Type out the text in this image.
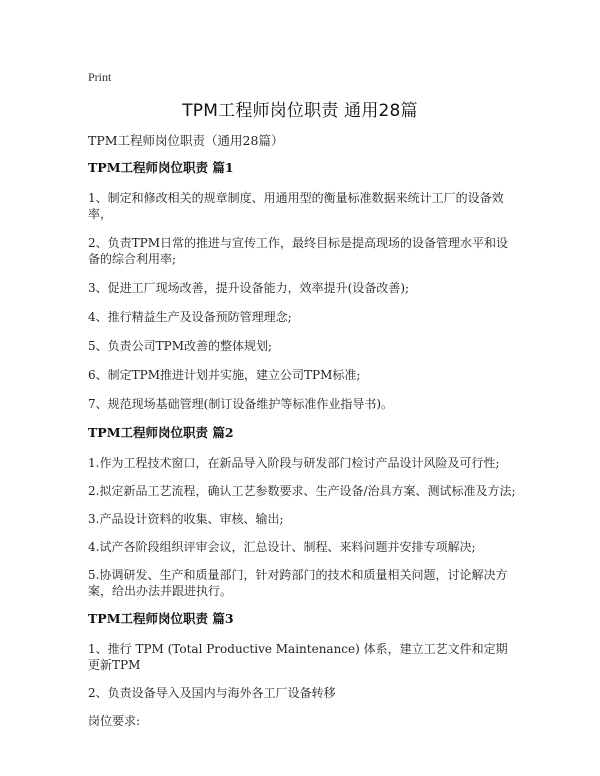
Print
TPM工程师岗位职责 通用28篇
TPM工程师岗位职责（通用28篇）
TPM工程师岗位职责 篇1
1、制定和修改相关的规章制度、用通用型的衡量标准数据来统计工厂的设备效率，
2、负责TPM日常的推进与宣传工作，最终目标是提高现场的设备管理水平和设备的综合利用率;
3、促进工厂现场改善，提升设备能力，效率提升(设备改善);
4、推行精益生产及设备预防管理理念;
5、负责公司TPM改善的整体规划;
6、制定TPM推进计划并实施，建立公司TPM标准;
7、规范现场基础管理(制订设备维护等标准作业指导书)。
TPM工程师岗位职责 篇2
1.作为工程技术窗口，在新品导入阶段与研发部门检讨产品设计风险及可行性;
2.拟定新品工艺流程，确认工艺参数要求、生产设备/治具方案、测试标准及方法;
3.产品设计资料的收集、审核、输出;
4.试产各阶段组织评审会议，汇总设计、制程、来料问题并安排专项解决;
5.协调研发、生产和质量部门，针对跨部门的技术和质量相关问题，讨论解决方案，给出办法并跟进执行。
TPM工程师岗位职责 篇3
1、推行 TPM (Total Productive Maintenance) 体系，建立工艺文件和定期更新TPM
2、负责设备导入及国内与海外各工厂设备转移
岗位要求:
